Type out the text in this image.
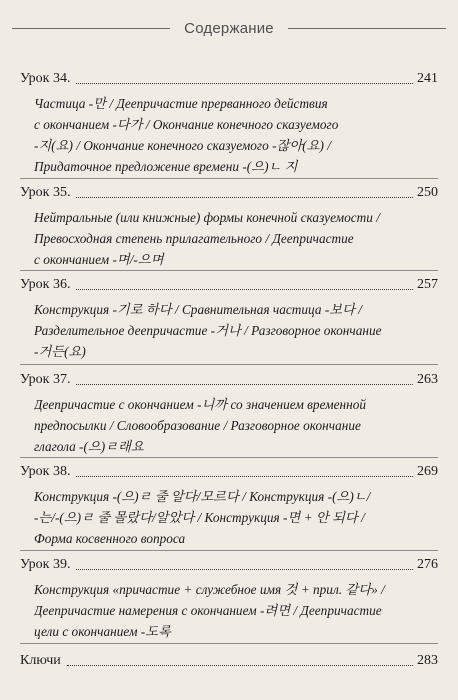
Содержание
Урок 34.	241
Частица -만 / Деепричастие прерванного действия
с окончанием -다가 / Окончание конечного сказуемого
-지(요) / Окончание конечного сказуемого -잖아(요) /
Придаточное предложение времени -(으)ㄴ 지
Урок 35.	250
Нейтральные (или книжные) формы конечной сказуемости /
Превосходная степень прилагательного / Деепричастие
с окончанием -며/-으며
Урок 36.	257
Конструкция -기로 하다 / Сравнительная частица -보다 /
Разделительное деепричастие -거나 / Разговорное окончание
-거든(요)
Урок 37.	263
Деепричастие с окончанием -니까 со значением временной
предпосылки / Словообразование / Разговорное окончание
глагола -(으)ㄹ래요
Урок 38.	269
Конструкция -(으)ㄹ 줄 알다/모르다 / Конструкция -(으)ㄴ/
-는/-(으)ㄹ 줄 몰랐다/알았다 / Конструкция -면 + 안 되다 /
Форма косвенного вопроса
Урок 39.	276
Конструкция «причастие + служебное имя 것 + прил. 같다» /
Деепричастие намерения с окончанием -려면 / Деепричастие
цели с окончанием -도록
Ключи	283
